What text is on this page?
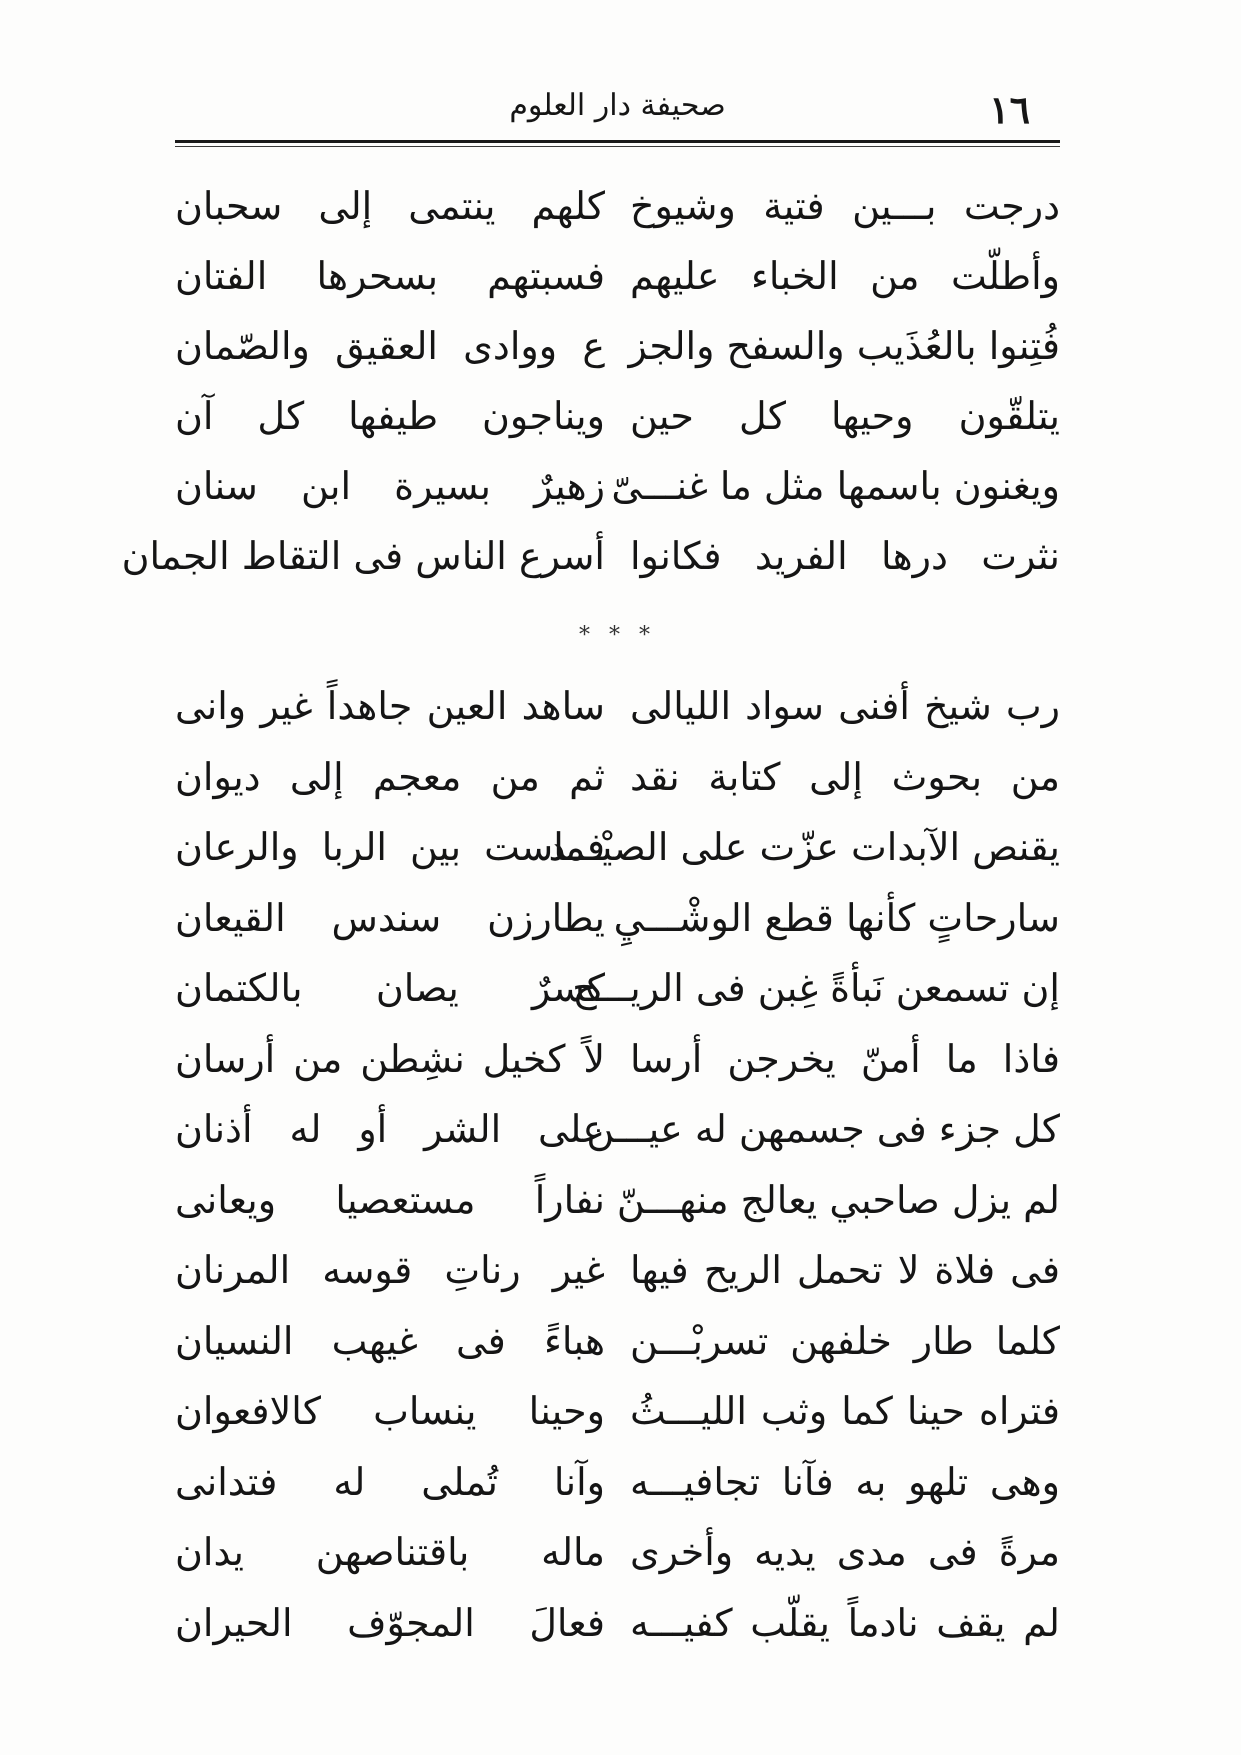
١٦
صحيفة دار العلوم
درجت بـــين فتية وشيوخ
كلهم ينتمى إلى سحبان
وأطلّت من الخباء عليهم
فسبتهم بسحرها الفتان
فُتِنوا بالعُذَيب والسفح والجز
ع ووادى العقيق والصّمان
يتلقّون وحيها كل حين
ويناجون طيفها كل آن
ويغنون باسمها مثل ما غنـــىّ
زهيرٌ بسيرة ابن سنان
نثرت درها الفريد فكانوا
أسرع الناس فى التقاط الجمان
* * *
رب شيخ أفنى سواد الليالى
ساهد العين جاهداً غير وانى
من بحوث إلى كتابة نقد
ثم من معجم إلى ديوان
يقنص الآبدات عزّت على الصيْـــد
فماست بين الربا والرعان
سارحاتٍ كأنها قطع الوشْـــيِ
يطارزن سندس القيعان
إن تسمعن نَبأةً غِبن فى الريـــح
كسرٌ يصان بالكتمان
فاذا ما أمنّ يخرجن أرسا
لاً كخيل نشِطن من أرسان
كل جزء فى جسمهن له عيـــن
على الشر أو له أذنان
لم يزل صاحبي يعالج منهـــنّ
نفاراً مستعصيا ويعانى
فى فلاة لا تحمل الريح فيها
غير رناتِ قوسه المرنان
كلما طار خلفهن تسربْـــن
هباءً فى غيهب النسيان
فتراه حينا كما وثب الليـــثُ
وحينا ينساب كالافعوان
وهى تلهو به فآنا تجافيـــه
وآنا تُملى له فتدانى
مرةً فى مدى يديه وأخرى
ماله باقتناصهن يدان
لم يقف نادماً يقلّب كفيـــه
فعالَ المجوّف الحيران
